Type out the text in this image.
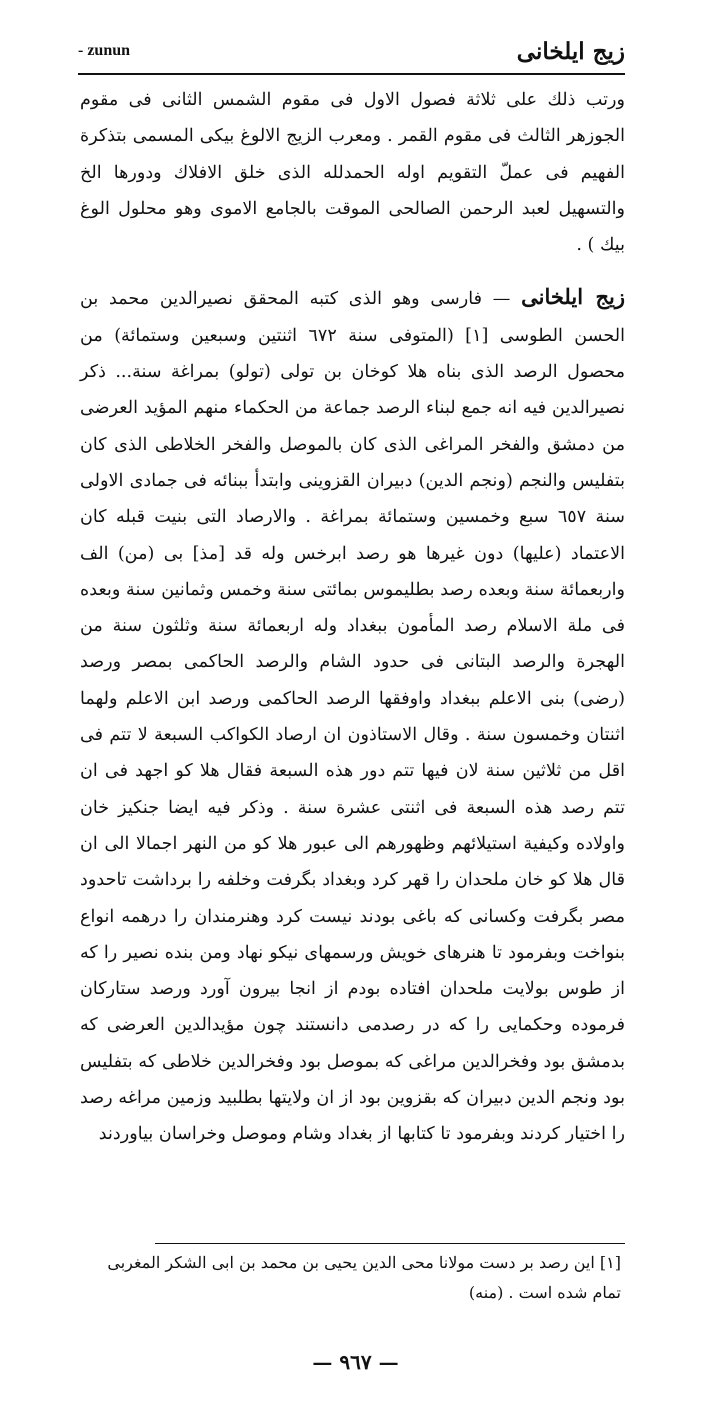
- zunun	زيج ايلخانى

ورتب ذلك على ثلاثة فصول الاول فى مقوم الشمس الثانى فى مقوم الجوزهر الثالث فى مقوم القمر . ومعرب الزيج الالوغ بيكى المسمى بتذكرة الفهيم فى عملّ التقويم اوله الحمدلله الذى خلق الافلاك ودورها الخ والتسهيل لعبد الرحمن الصالحى الموقت بالجامع الاموى وهو محلول الوغ بيك ) .

زيج ايلخانى — فارسى وهو الذى كتبه المحقق نصيرالدين محمد بن الحسن الطوسى [١] (المتوفى سنة ٦٧٢ اثنتين وسبعين وستمائة) من محصول الرصد الذى بناه هلا كوخان بن تولى (تولو) بمراغة سنة... ذكر نصيرالدين فيه انه جمع لبناء الرصد جماعة من الحكماء منهم المؤيد العرضى من دمشق والفخر المراغى الذى كان بالموصل والفخر الخلاطى الذى كان بتفليس والنجم (ونجم الدين) دبيران القزوينى وابتدأ ببنائه فى جمادى الاولى سنة ٦٥٧ سبع وخمسين وستمائة بمراغة . والارصاد التى بنيت قبله كان الاعتماد (عليها) دون غيرها هو رصد ابرخس وله قد [مذ] بى (من) الف واربعمائة سنة وبعده رصد بطليموس بمائتى سنة وخمس وثمانين سنة وبعده فى ملة الاسلام رصد المأمون ببغداد وله اربعمائة سنة وثلثون سنة من الهجرة والرصد البتانى فى حدود الشام والرصد الحاكمى بمصر ورصد (رضى) بنى الاعلم ببغداد واوفقها الرصد الحاكمى ورصد ابن الاعلم ولهما اثنتان وخمسون سنة . وقال الاستاذون ان ارصاد الكواكب السبعة لا تتم فى اقل من ثلاثين سنة لان فيها تتم دور هذه السبعة فقال هلا كو اجهد فى ان تتم رصد هذه السبعة فى اثنتى عشرة سنة . وذكر فيه ايضا جنكيز خان واولاده وكيفية استيلائهم وظهورهم الى عبور هلا كو من النهر اجمالا الى ان قال هلا كو خان ملحدان را قهر كرد وبغداد بگرفت وخلفه را برداشت تاحدود مصر بگرفت وكسانى كه باغى بودند نيست كرد وهنرمندان را درهمه انواع بنواخت وبفرمود تا هنرهاى خويش ورسمهاى نيكو نهاد ومن بنده نصير را كه از طوس بولايت ملحدان افتاده بودم از انجا بيرون آورد ورصد ستاركان فرموده وحكمايى را كه در رصدمى دانستند چون مؤيدالدين العرضى كه بدمشق بود وفخرالدين مراغى كه بموصل بود وفخرالدين خلاطى كه بتفليس بود ونجم الدين دبيران كه بقزوين بود از ان ولايتها بطلبيد وزمين مراغه رصد را اختيار كردند وبفرمود تا كتابها از بغداد وشام وموصل وخراسان بياوردند

[١] اين رصد بر دست مولانا محى الدين يحيى بن محمد بن ابى الشكر المغربى تمام شده است . (منه)
— ٩٦٧ —
